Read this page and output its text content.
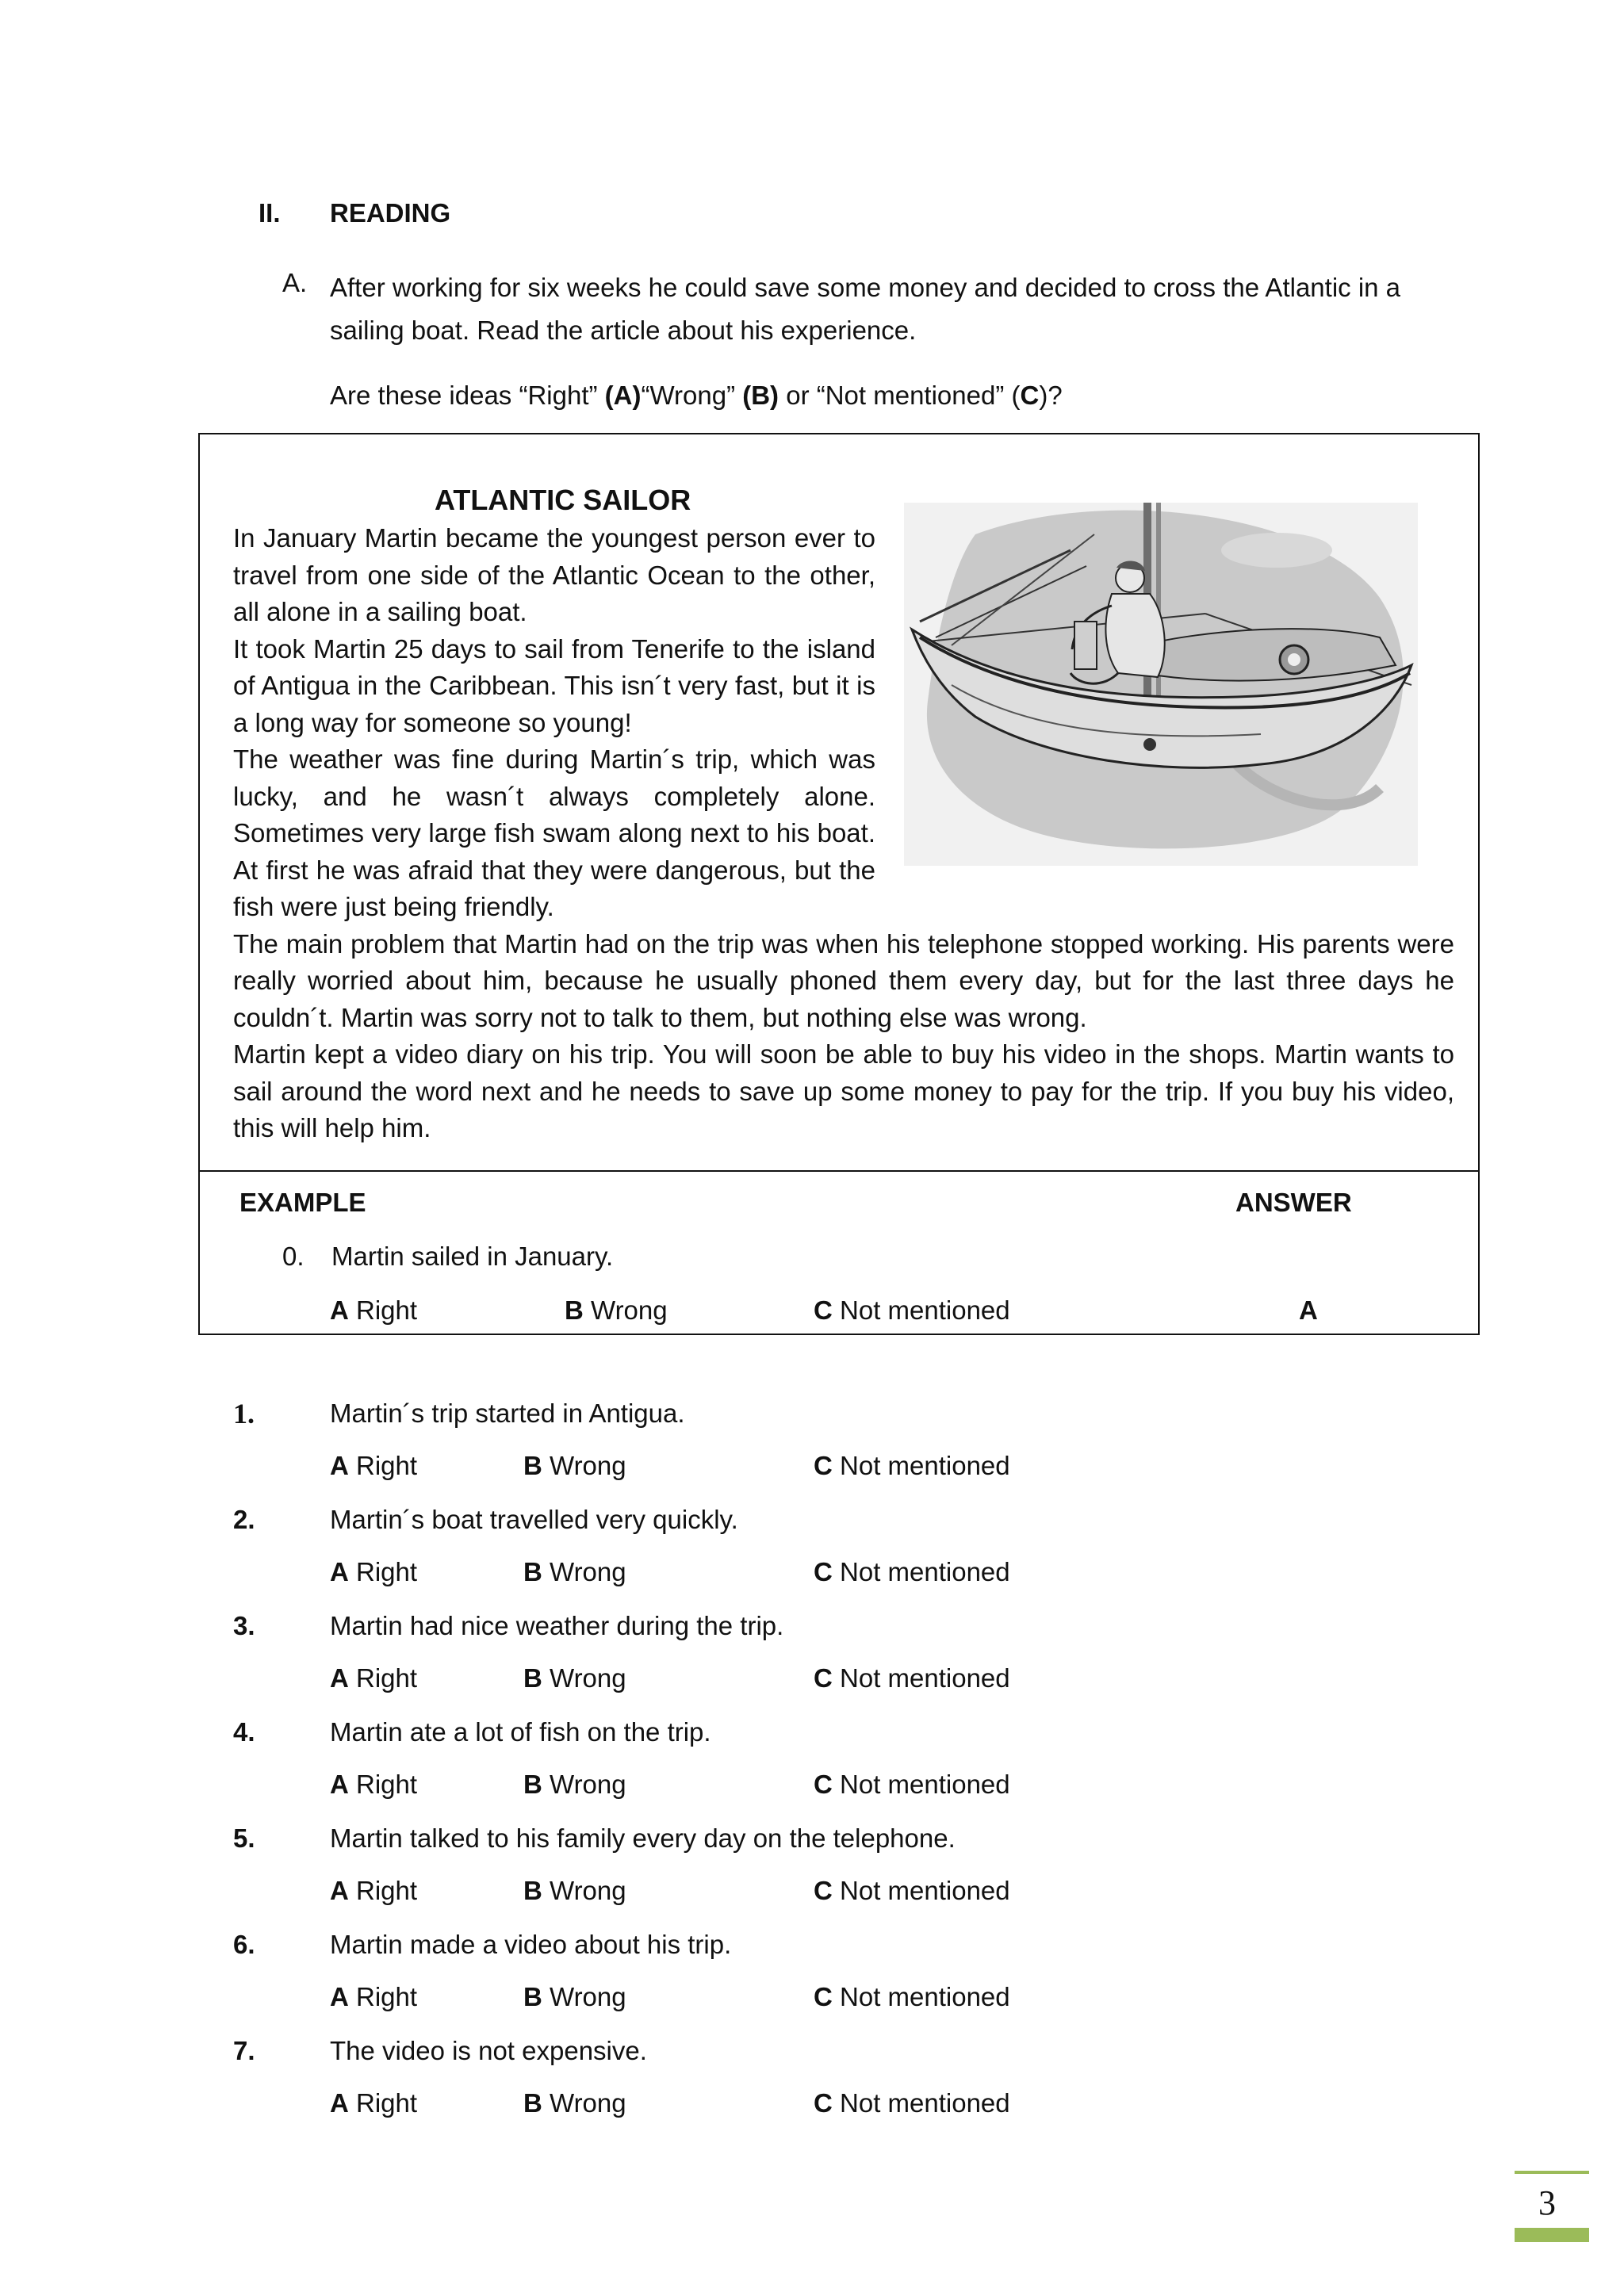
II. READING
A. After working for six weeks he could save some money and decided to cross the Atlantic in a sailing boat. Read the article about his experience.
Are these ideas “Right” (A)“Wrong” (B) or “Not mentioned” (C)?
ATLANTIC SAILOR

In January Martin became the youngest person ever to travel from one side of the Atlantic Ocean to the other, all alone in a sailing boat.

It took Martin 25 days to sail from Tenerife to the island of Antigua in the Caribbean. This isn´t very fast, but it is a long way for someone so young!

The weather was fine during Martin´s trip, which was lucky, and he wasn´t always completely alone. Sometimes very large fish swam along next to his boat. At first he was afraid that they were dangerous, but the fish were just being friendly.

The main problem that Martin had on the trip was when his telephone stopped working. His parents were really worried about him, because he usually phoned them every day, but for the last three days he couldn´t. Martin was sorry not to talk to them, but nothing else was wrong.

Martin kept a video diary on his trip. You will soon be able to buy his video in the shops. Martin wants to sail around the word next and he needs to save up some money to pay for the trip. If you buy his video, this will help him.

EXAMPLE	ANSWER
0. Martin sailed in January.
A Right	B Wrong	C Not mentioned	A
1.	Martin´s trip started in Antigua.
A Right	B Wrong	C Not mentioned
2.	Martin´s boat travelled very quickly.
A Right	B Wrong	C Not mentioned
3.	Martin had nice weather during the trip.
A Right	B Wrong	C Not mentioned
4.	Martin ate a lot of fish on the trip.
A Right	B Wrong	C Not mentioned
5.	Martin talked to his family every day on the telephone.
A Right	B Wrong	C Not mentioned
6.	Martin made a video about his trip.
A Right	B Wrong	C Not mentioned
7.	The video is not expensive.
A Right	B Wrong	C Not mentioned
3
